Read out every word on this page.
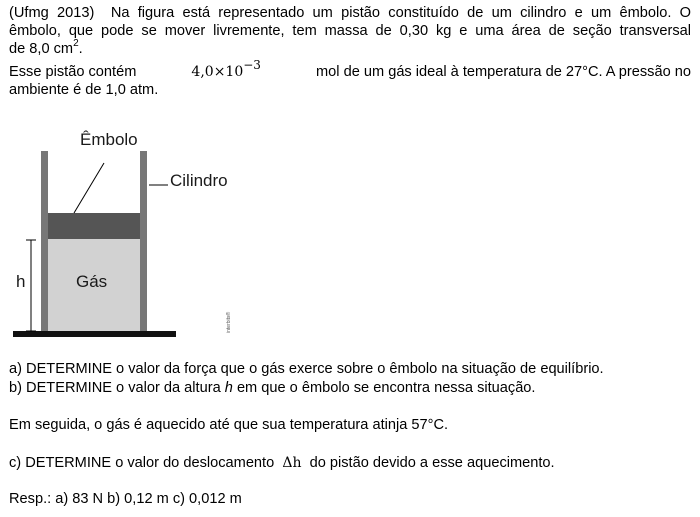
(Ufmg 2013) Na figura está representado um pistão constituído de um cilindro e um êmbolo. O
êmbolo, que pode se mover livremente, tem massa de 0,30 kg e uma área de seção transversal
de 8,0 $cm^2$.
Esse pistão contém	$4,0\times 10^{-3}$	mol de um gás ideal à temperatura de 27°C. A pressão no
ambiente é de 1,0 atm.
Êmbolo
Cilindro
Gás
h
interbits®
a) DETERMINE o valor da força que o gás exerce sobre o êmbolo na situação de equilíbrio.
b) DETERMINE o valor da altura h em que o êmbolo se encontra nessa situação.
Em seguida, o gás é aquecido até que sua temperatura atinja 57°C.
c) DETERMINE o valor do deslocamento Δh do pistão devido a esse aquecimento.
Resp.: a) 83 N b) 0,12 m c) 0,012 m
